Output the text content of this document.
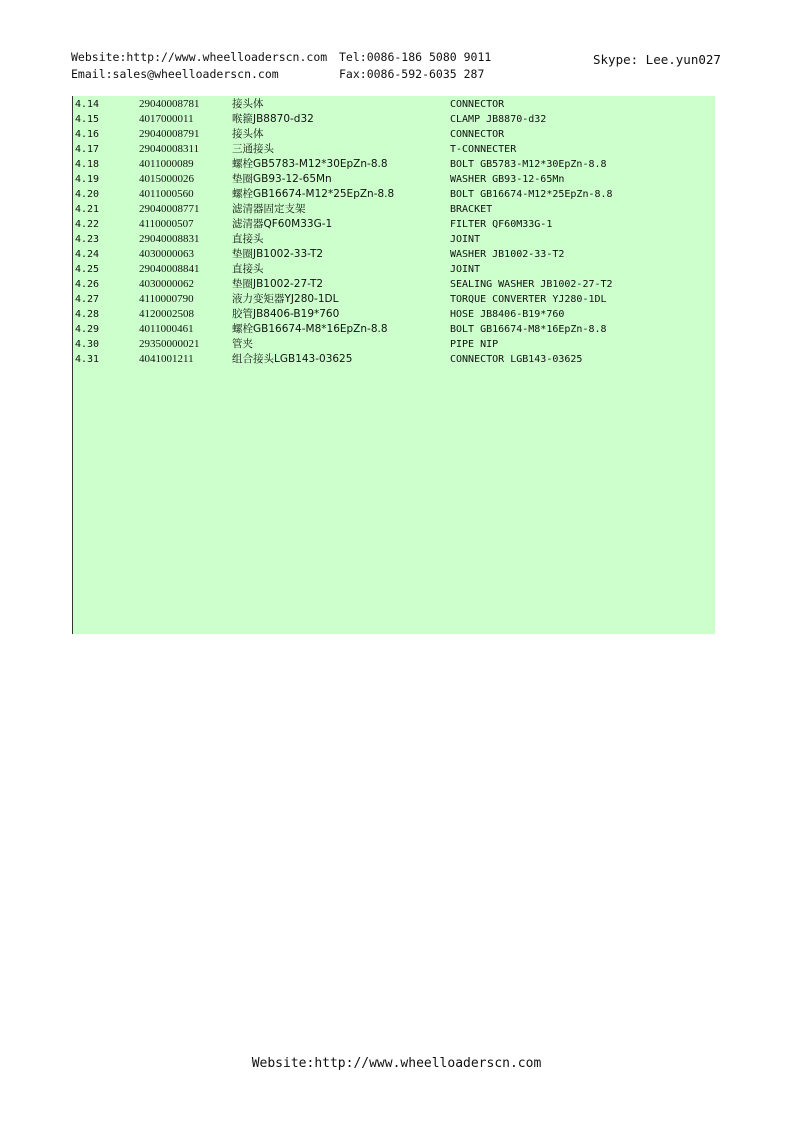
Website:http://www.wheelloaderscn.com
Email:sales@wheelloaderscn.com
Tel:0086-186 5080 9011
Fax:0086-592-6035 287
Skype: Lee.yun027
4.14	29040008781	接头体	CONNECTOR
4.15	4017000011	喉箍JB8870-d32	CLAMP JB8870-d32
4.16	29040008791	接头体	CONNECTOR
4.17	29040008311	三通接头	T-CONNECTER
4.18	4011000089	螺栓GB5783-M12*30EpZn-8.8	BOLT GB5783-M12*30EpZn-8.8
4.19	4015000026	垫圈GB93-12-65Mn	WASHER GB93-12-65Mn
4.20	4011000560	螺栓GB16674-M12*25EpZn-8.8	BOLT GB16674-M12*25EpZn-8.8
4.21	29040008771	滤清器固定支架	BRACKET
4.22	4110000507	滤清器QF60M33G-1	FILTER QF60M33G-1
4.23	29040008831	直接头	JOINT
4.24	4030000063	垫圈JB1002-33-T2	WASHER JB1002-33-T2
4.25	29040008841	直接头	JOINT
4.26	4030000062	垫圈JB1002-27-T2	SEALING WASHER JB1002-27-T2
4.27	4110000790	液力变矩器YJ280-1DL	TORQUE CONVERTER YJ280-1DL
4.28	4120002508	胶管JB8406-B19*760	HOSE JB8406-B19*760
4.29	4011000461	螺栓GB16674-M8*16EpZn-8.8	BOLT GB16674-M8*16EpZn-8.8
4.30	29350000021	管夹	PIPE NIP
4.31	4041001211	组合接头LGB143-03625	CONNECTOR LGB143-03625
Website:http://www.wheelloaderscn.com
